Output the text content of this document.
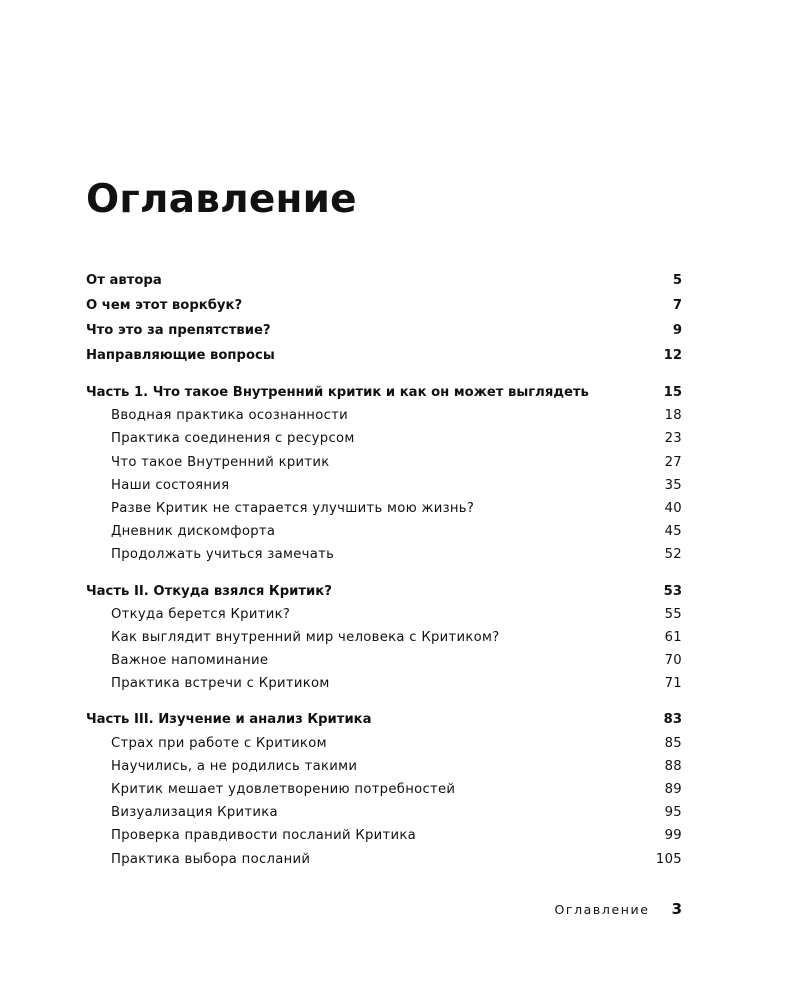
Оглавление
От автора	5
О чем этот воркбук?	7
Что это за препятствие?	9
Направляющие вопросы	12
Часть 1. Что такое Внутренний критик и как он может выглядеть	15
Вводная практика осознанности	18
Практика соединения с ресурсом	23
Что такое Внутренний критик	27
Наши состояния	35
Разве Критик не старается улучшить мою жизнь?	40
Дневник дискомфорта	45
Продолжать учиться замечать	52
Часть II. Откуда взялся Критик?	53
Откуда берется Критик?	55
Как выглядит внутренний мир человека с Критиком?	61
Важное напоминание	70
Практика встречи с Критиком	71
Часть III. Изучение и анализ Критика	83
Страх при работе с Критиком	85
Научились, а не родились такими	88
Критик мешает удовлетворению потребностей	89
Визуализация Критика	95
Проверка правдивости посланий Критика	99
Практика выбора посланий	105
Оглавление 3
